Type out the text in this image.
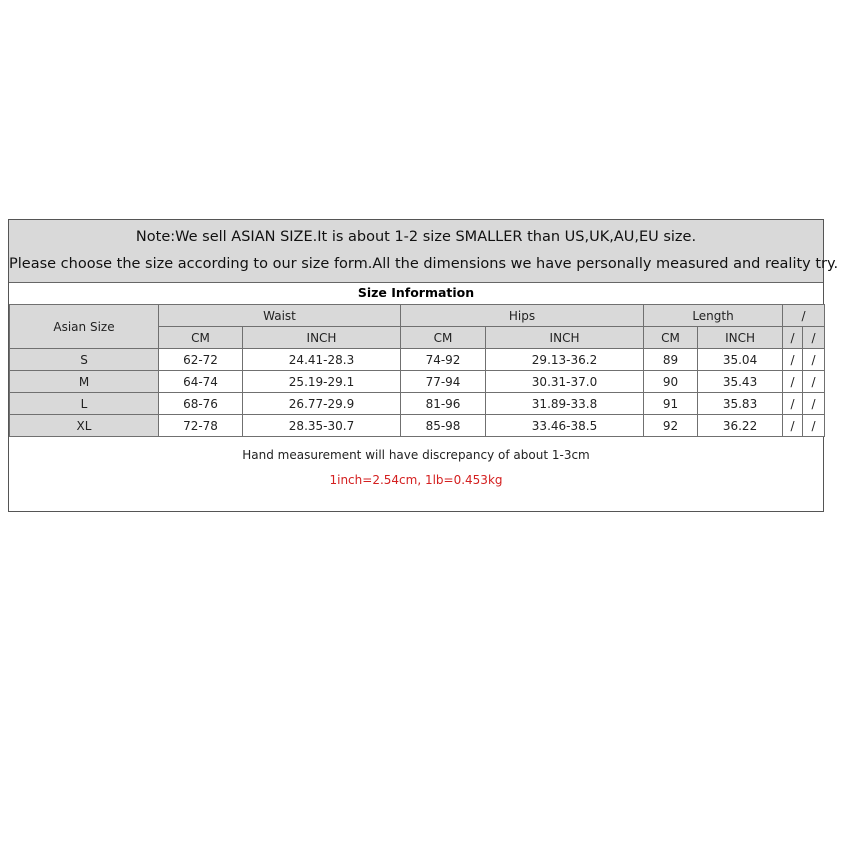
Note:We sell ASIAN SIZE.It is about 1-2 size SMALLER than US,UK,AU,EU size.
Please choose the size according to our size form.All the dimensions we have personally measured and reality try.
Size Information
Asian Size	Waist		Hips		Length		/	
	CM	INCH	CM	INCH	CM	INCH	/	/
S	62-72	24.41-28.3	74-92	29.13-36.2	89	35.04	/	/
M	64-74	25.19-29.1	77-94	30.31-37.0	90	35.43	/	/
L	68-76	26.77-29.9	81-96	31.89-33.8	91	35.83	/	/
XL	72-78	28.35-30.7	85-98	33.46-38.5	92	36.22	/	/
Hand measurement will have discrepancy of about 1-3cm
1inch=2.54cm, 1lb=0.453kg
